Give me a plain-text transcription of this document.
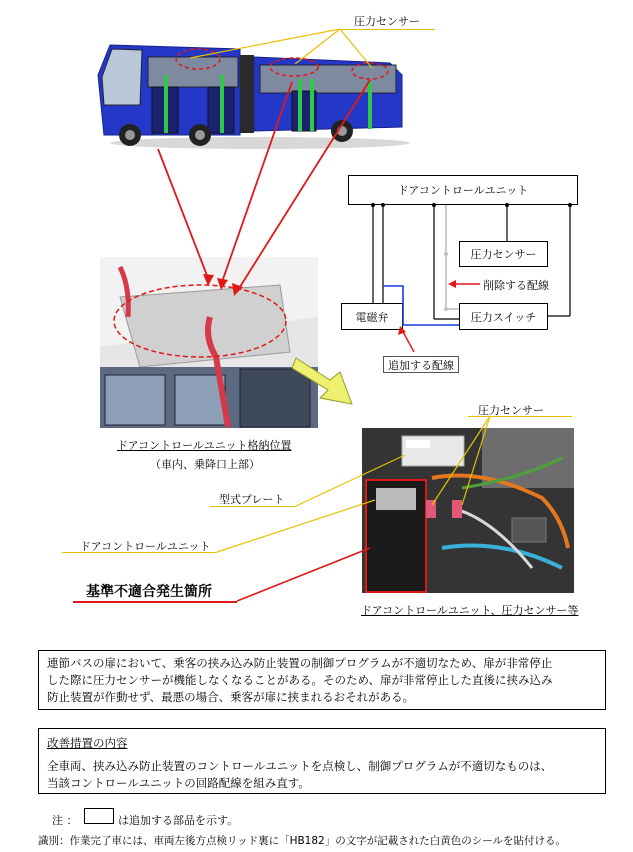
圧力センサー
ドアコントロールユニット
圧力センサー
電磁弁	圧力スイッチ
削除する配線
追加する配線
圧力センサー
ドアコントロールユニット格納位置
（車内、乗降口上部）
型式プレート
ドアコントロールユニット
基準不適合発生箇所
ドアコントロールユニット、圧力センサー等

連節バスの扉において、乗客の挟み込み防止装置の制御プログラムが不適切なため、扉が非常停止

した際に圧力センサーが機能しなくなることがある。そのため、扉が非常停止した直後に挟み込み

防止装置が作動せず、最悪の場合、乗客が扉に挟まれるおそれがある。

改善措置の内容

全車両、挟み込み防止装置のコントロールユニットを点検し、制御プログラムが不適切なものは、

当該コントロールユニットの回路配線を組み直す。

注 ：	は追加する部品を示す。
識別：作業完了車には、車両左後方点検リッド裏に「HB182」の文字が記載された白黄色のシールを貼付ける。
